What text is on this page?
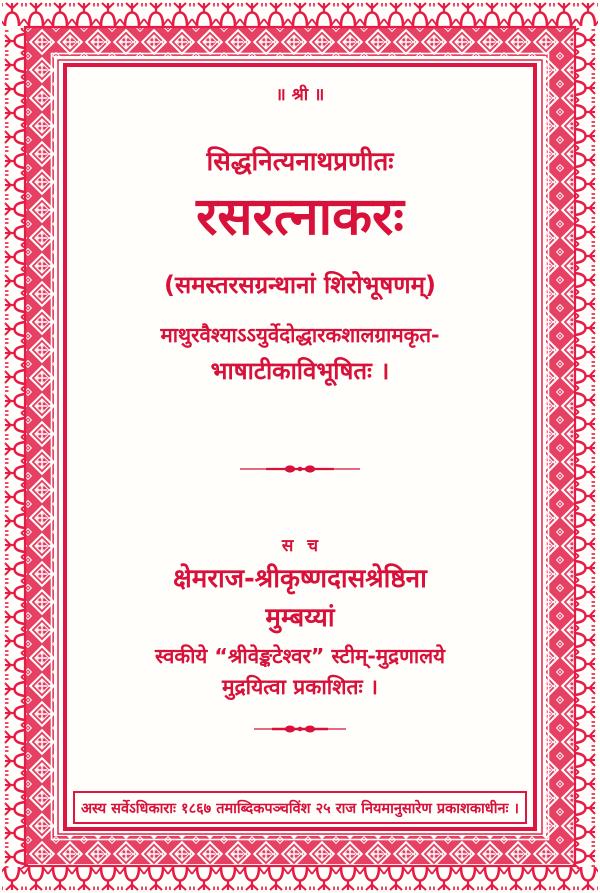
॥ श्री ॥
सिद्धनित्यनाथप्रणीतः
रसरत्नाकरः
(समस्तरसग्रन्थानां शिरोभूषणम्)
माथुरवैश्याऽऽयुर्वेदोद्धारकशालग्रामकृत-
भाषाटीकाविभूषितः ।
स च
क्षेमराज-श्रीकृष्णदासश्रेष्ठिना
मुम्बय्यां
स्वकीये “श्रीवेङ्कटेश्वर” स्टीम्-मुद्रणालये
मुद्रयित्वा प्रकाशितः ।
अस्य सर्वेऽधिकाराः १८६७ तमाब्दिकपञ्चविंश २५ राज नियमानुसारेण प्रकाशकाधीनः ।
